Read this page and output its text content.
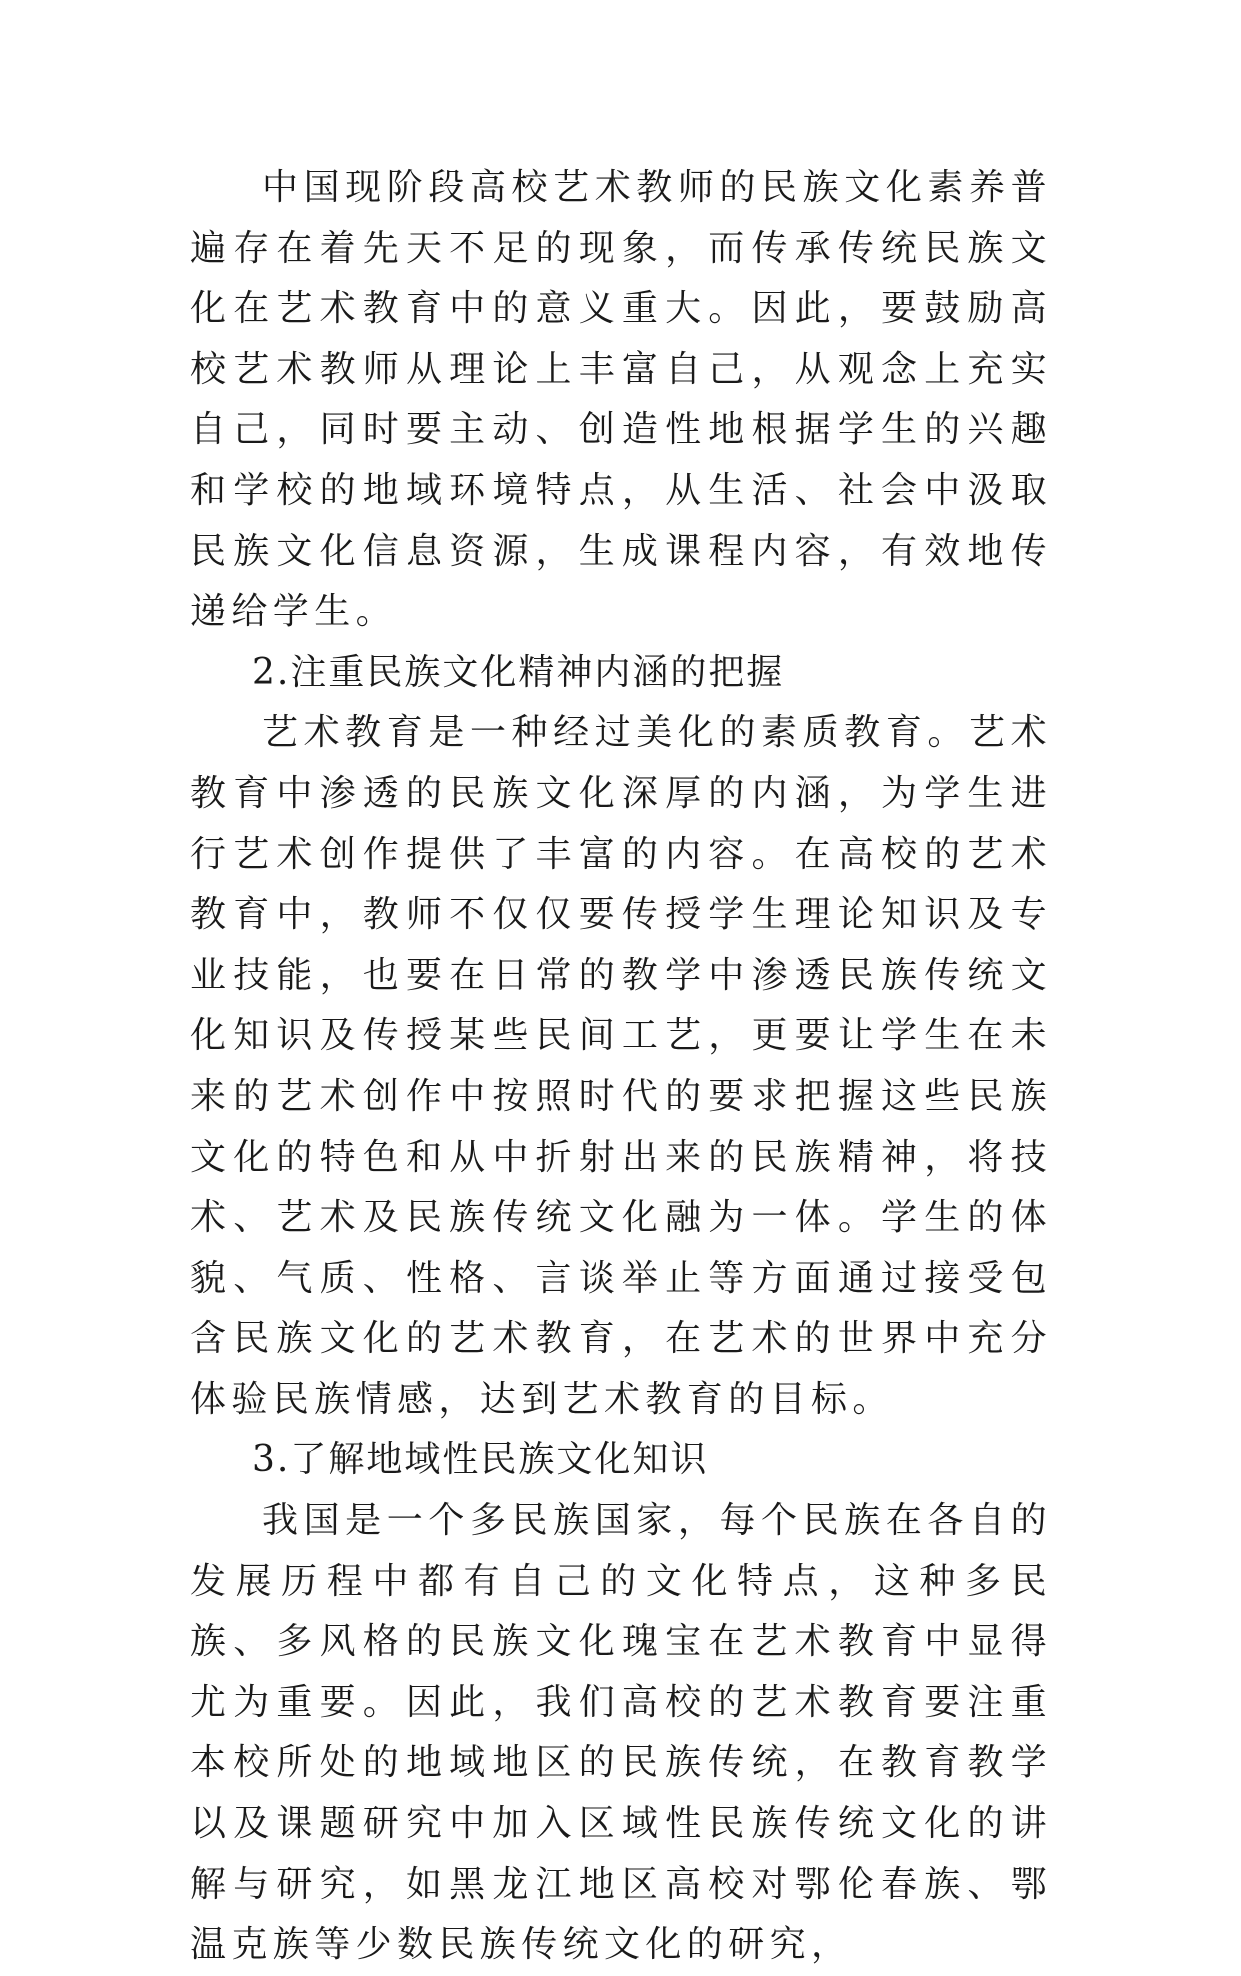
中国现阶段高校艺术教师的民族文化素养普遍存在着先天不足的现象，而传承传统民族文化在艺术教育中的意义重大。因此，要鼓励高校艺术教师从理论上丰富自己，从观念上充实自己，同时要主动、创造性地根据学生的兴趣和学校的地域环境特点，从生活、社会中汲取民族文化信息资源，生成课程内容，有效地传递给学生。

2.注重民族文化精神内涵的把握

艺术教育是一种经过美化的素质教育。艺术教育中渗透的民族文化深厚的内涵，为学生进行艺术创作提供了丰富的内容。在高校的艺术教育中，教师不仅仅要传授学生理论知识及专业技能，也要在日常的教学中渗透民族传统文化知识及传授某些民间工艺，更要让学生在未来的艺术创作中按照时代的要求把握这些民族文化的特色和从中折射出来的民族精神，将技术、艺术及民族传统文化融为一体。学生的体貌、气质、性格、言谈举止等方面通过接受包含民族文化的艺术教育，在艺术的世界中充分体验民族情感，达到艺术教育的目标。

3.了解地域性民族文化知识

我国是一个多民族国家，每个民族在各自的发展历程中都有自己的文化特点，这种多民族、多风格的民族文化瑰宝在艺术教育中显得尤为重要。因此，我们高校的艺术教育要注重本校所处的地域地区的民族传统，在教育教学以及课题研究中加入区域性民族传统文化的讲解与研究，如黑龙江地区高校对鄂伦春族、鄂温克族等少数民族传统文化的研究，
